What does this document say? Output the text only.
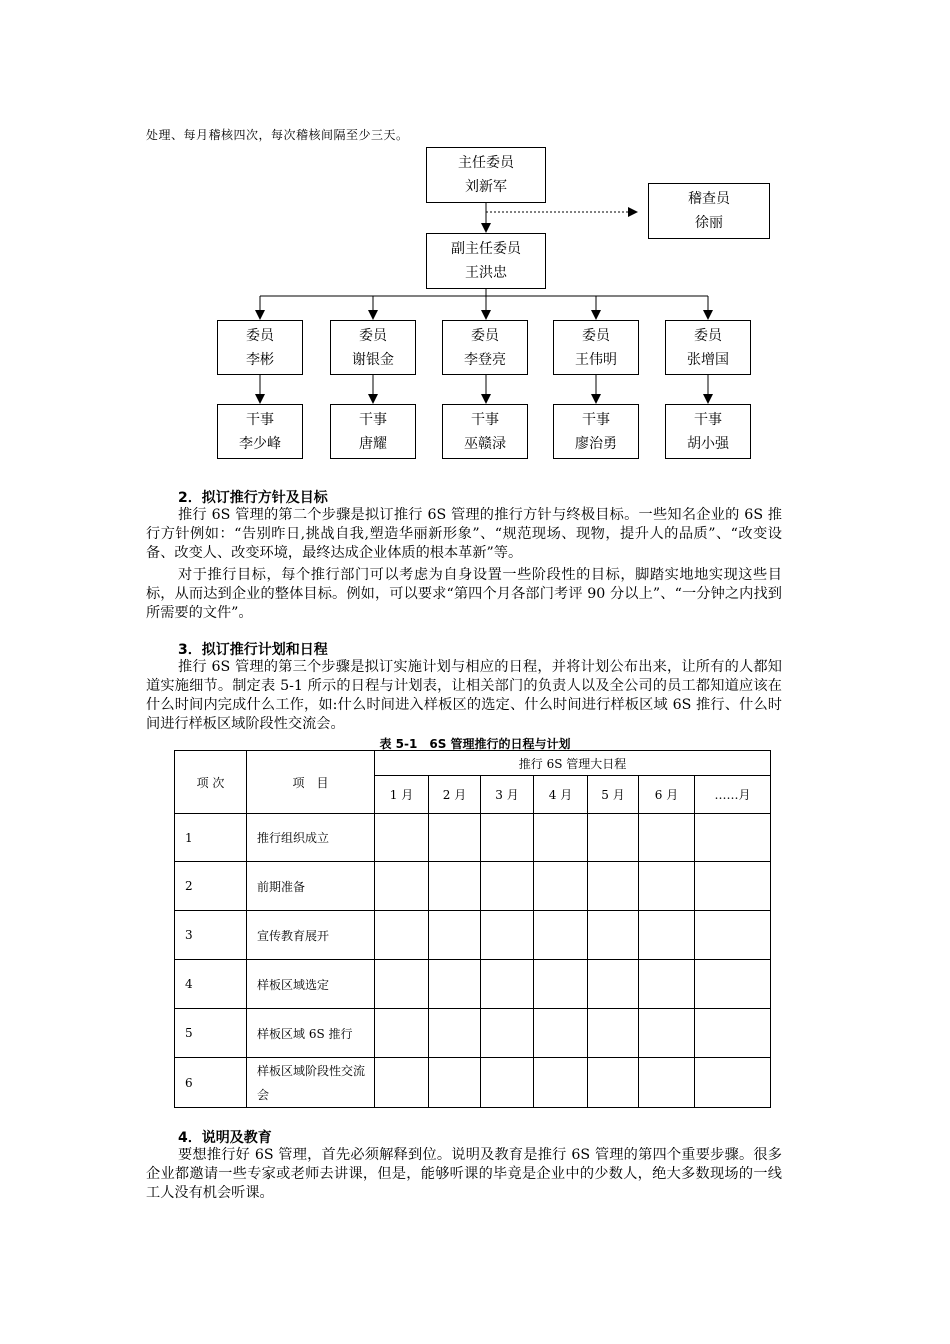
处理、每月稽核四次，每次稽核间隔至少三天。
主任委员
刘新军
稽查员
徐丽
副主任委员
王洪忠
委员
李彬
委员
谢银金
委员
李登亮
委员
王伟明
委员
张增国
干事
李少峰
干事
唐耀
干事
巫赣渌
干事
廖治勇
干事
胡小强
2．拟订推行方针及目标
推行 6S 管理的第二个步骤是拟订推行 6S 管理的推行方针与终极目标。一些知名企业的 6S 推行方针例如：“告别昨日,挑战自我,塑造华丽新形象”、“规范现场、现物，提升人的品质”、“改变设备、改变人、改变环境，最终达成企业体质的根本革新”等。
对于推行目标，每个推行部门可以考虑为自身设置一些阶段性的目标，脚踏实地地实现这些目标，从而达到企业的整体目标。例如，可以要求“第四个月各部门考评 90 分以上”、“一分钟之内找到所需要的文件”。
3．拟订推行计划和日程
推行 6S 管理的第三个步骤是拟订实施计划与相应的日程，并将计划公布出来，让所有的人都知道实施细节。制定表 5-1 所示的日程与计划表，让相关部门的负责人以及全公司的员工都知道应该在什么时间内完成什么工作，如:什么时间进入样板区的选定、什么时间进行样板区域 6S 推行、什么时间进行样板区域阶段性交流会。
表 5-1　6S 管理推行的日程与计划
项 次	项　目	推行 6S 管理大日程						
		1 月	2 月	3 月	4 月	5 月	6 月	……月
1	推行组织成立							
2	前期准备							
3	宣传教育展开							
4	样板区域选定							
5	样板区域 6S 推行							
6	样板区域阶段性交流会							
4．说明及教育
要想推行好 6S 管理，首先必须解释到位。说明及教育是推行 6S 管理的第四个重要步骤。很多企业都邀请一些专家或老师去讲课，但是，能够听课的毕竟是企业中的少数人，绝大多数现场的一线工人没有机会听课。
